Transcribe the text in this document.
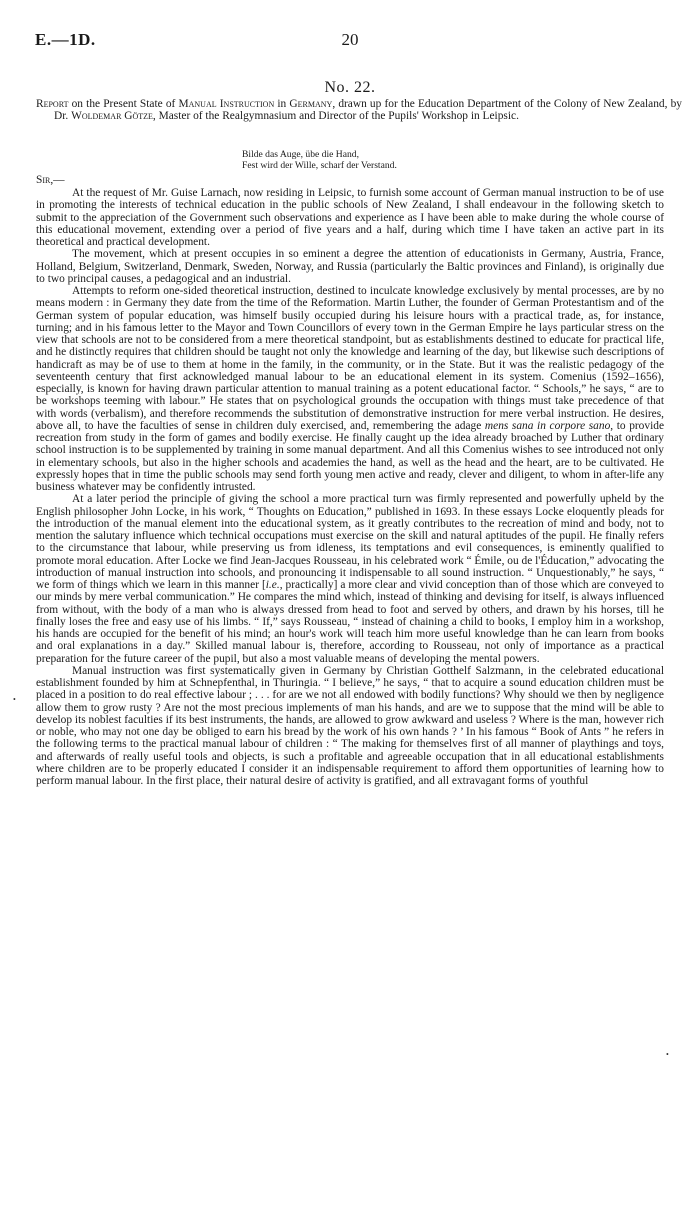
E.—1D.	20
No. 22.
Report on the Present State of Manual Instruction in Germany, drawn up for the Education Department of the Colony of New Zealand, by Dr. Woldemar Götze, Master of the Realgymnasium and Director of the Pupils' Workshop in Leipsic.
Bilde das Auge, übe die Hand,
Fest wird der Wille, scharf der Verstand.
Sir,—

At the request of Mr. Guise Larnach, now residing in Leipsic, to furnish some account of German manual instruction to be of use in promoting the interests of technical education in the public schools of New Zealand, I shall endeavour in the following sketch to submit to the appreciation of the Government such observations and experience as I have been able to make during the whole course of this educational movement, extending over a period of five years and a half, during which time I have taken an active part in its theoretical and practical development.

The movement, which at present occupies in so eminent a degree the attention of educationists in Germany, Austria, France, Holland, Belgium, Switzerland, Denmark, Sweden, Norway, and Russia (particularly the Baltic provinces and Finland), is originally due to two principal causes, a pedagogical and an industrial.

Attempts to reform one-sided theoretical instruction, destined to inculcate knowledge exclusively by mental processes, are by no means modern : in Germany they date from the time of the Reformation. Martin Luther, the founder of German Protestantism and of the German system of popular education, was himself busily occupied during his leisure hours with a practical trade, as, for instance, turning; and in his famous letter to the Mayor and Town Councillors of every town in the German Empire he lays particular stress on the view that schools are not to be considered from a mere theoretical standpoint, but as establishments destined to educate for practical life, and he distinctly requires that children should be taught not only the knowledge and learning of the day, but likewise such descriptions of handicraft as may be of use to them at home in the family, in the community, or in the State. But it was the realistic pedagogy of the seventeenth century that first acknowledged manual labour to be an educational element in its system. Comenius (1592–1656), especially, is known for having drawn particular attention to manual training as a potent educational factor. “ Schools,” he says, “ are to be workshops teeming with labour.” He states that on psychological grounds the occupation with things must take precedence of that with words (verbalism), and therefore recommends the substitution of demonstrative instruction for mere verbal instruction. He desires, above all, to have the faculties of sense in children duly exercised, and, remembering the adage mens sana in corpore sano, to provide recreation from study in the form of games and bodily exercise. He finally caught up the idea already broached by Luther that ordinary school instruction is to be supplemented by training in some manual department. And all this Comenius wishes to see introduced not only in elementary schools, but also in the higher schools and academies the hand, as well as the head and the heart, are to be cultivated. He expressly hopes that in time the public schools may send forth young men active and ready, clever and diligent, to whom in after-life any business whatever may be confidently intrusted.

At a later period the principle of giving the school a more practical turn was firmly represented and powerfully upheld by the English philosopher John Locke, in his work, “ Thoughts on Education,” published in 1693. In these essays Locke eloquently pleads for the introduction of the manual element into the educational system, as it greatly contributes to the recreation of mind and body, not to mention the salutary influence which technical occupations must exercise on the skill and natural aptitudes of the pupil. He finally refers to the circumstance that labour, while preserving us from idleness, its temptations and evil consequences, is eminently qualified to promote moral education. After Locke we find Jean-Jacques Rousseau, in his celebrated work “ Émile, ou de l'Éducation,” advocating the introduction of manual instruction into schools, and pronouncing it indispensable to all sound instruction. “ Unquestionably,” he says, “ we form of things which we learn in this manner [i.e., practically] a more clear and vivid conception than of those which are conveyed to our minds by mere verbal communication.” He compares the mind which, instead of thinking and devising for itself, is always influenced from without, with the body of a man who is always dressed from head to foot and served by others, and drawn by his horses, till he finally loses the free and easy use of his limbs. “ If,” says Rousseau, “ instead of chaining a child to books, I employ him in a workshop, his hands are occupied for the benefit of his mind; an hour's work will teach him more useful knowledge than he can learn from books and oral explanations in a day.” Skilled manual labour is, therefore, according to Rousseau, not only of importance as a practical preparation for the future career of the pupil, but also a most valuable means of developing the mental powers.

Manual instruction was first systematically given in Germany by Christian Gotthelf Salzmann, in the celebrated educational establishment founded by him at Schnepfenthal, in Thuringia. “ I believe,” he says, “ that to acquire a sound education children must be placed in a position to do real effective labour ; . . . for are we not all endowed with bodily functions? Why should we then by negligence allow them to grow rusty ? Are not the most precious implements of man his hands, and are we to suppose that the mind will be able to develop its noblest faculties if its best instruments, the hands, are allowed to grow awkward and useless ? Where is the man, however rich or noble, who may not one day be obliged to earn his bread by the work of his own hands ? ’ In his famous “ Book of Ants ” he refers in the following terms to the practical manual labour of children : “ The making for themselves first of all manner of playthings and toys, and afterwards of really useful tools and objects, is such a profitable and agreeable occupation that in all educational establishments where children are to be properly educated I consider it an indispensable requirement to afford them opportunities of learning how to perform manual labour. In the first place, their natural desire of activity is gratified, and all extravagant forms of youthful

•
•
